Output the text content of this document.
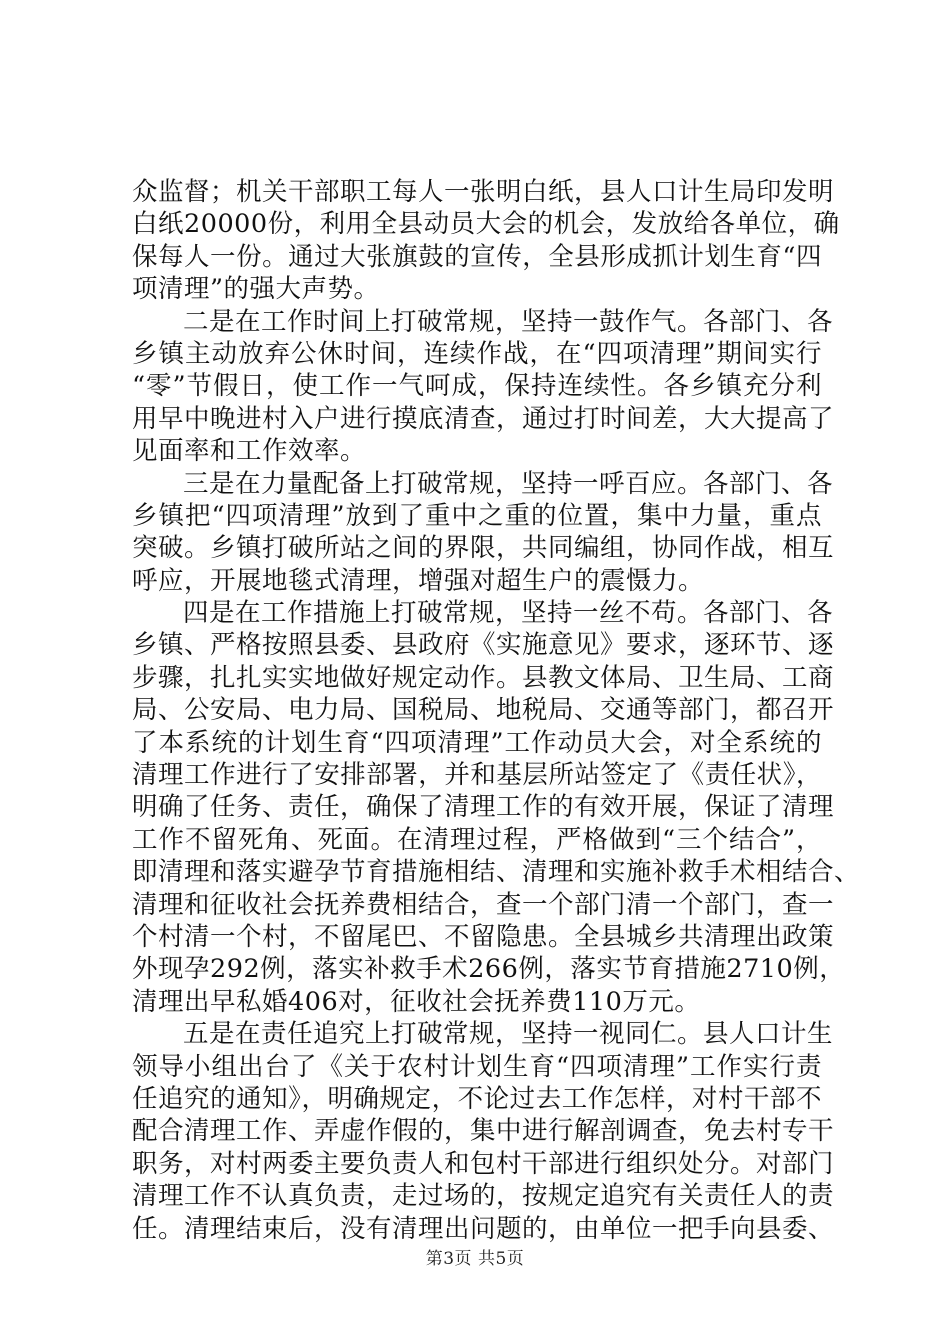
众监督；机关干部职工每人一张明白纸，县人口计生局印发明
白纸20000份，利用全县动员大会的机会，发放给各单位，确
保每人一份。通过大张旗鼓的宣传，全县形成抓计划生育“四
项清理”的强大声势。
二是在工作时间上打破常规，坚持一鼓作气。各部门、各
乡镇主动放弃公休时间，连续作战，在“四项清理”期间实行
“零”节假日，使工作一气呵成，保持连续性。各乡镇充分利
用早中晚进村入户进行摸底清查，通过打时间差，大大提高了
见面率和工作效率。
三是在力量配备上打破常规，坚持一呼百应。各部门、各
乡镇把“四项清理”放到了重中之重的位置，集中力量，重点
突破。乡镇打破所站之间的界限，共同编组，协同作战，相互
呼应，开展地毯式清理，增强对超生户的震慑力。
四是在工作措施上打破常规，坚持一丝不苟。各部门、各
乡镇、严格按照县委、县政府《实施意见》要求，逐环节、逐
步骤，扎扎实实地做好规定动作。县教文体局、卫生局、工商
局、公安局、电力局、国税局、地税局、交通等部门，都召开
了本系统的计划生育“四项清理”工作动员大会，对全系统的
清理工作进行了安排部署，并和基层所站签定了《责任状》，
明确了任务、责任，确保了清理工作的有效开展，保证了清理
工作不留死角、死面。在清理过程，严格做到“三个结合”，
即清理和落实避孕节育措施相结、清理和实施补救手术相结合、
清理和征收社会抚养费相结合，查一个部门清一个部门，查一
个村清一个村，不留尾巴、不留隐患。全县城乡共清理出政策
外现孕292例，落实补救手术266例，落实节育措施2710例，
清理出早私婚406对，征收社会抚养费110万元。
五是在责任追究上打破常规，坚持一视同仁。县人口计生
领导小组出台了《关于农村计划生育“四项清理”工作实行责
任追究的通知》，明确规定，不论过去工作怎样，对村干部不
配合清理工作、弄虚作假的，集中进行解剖调查，免去村专干
职务，对村两委主要负责人和包村干部进行组织处分。对部门
清理工作不认真负责，走过场的，按规定追究有关责任人的责
任。清理结束后，没有清理出问题的，由单位一把手向县委、
第3页 共5页
